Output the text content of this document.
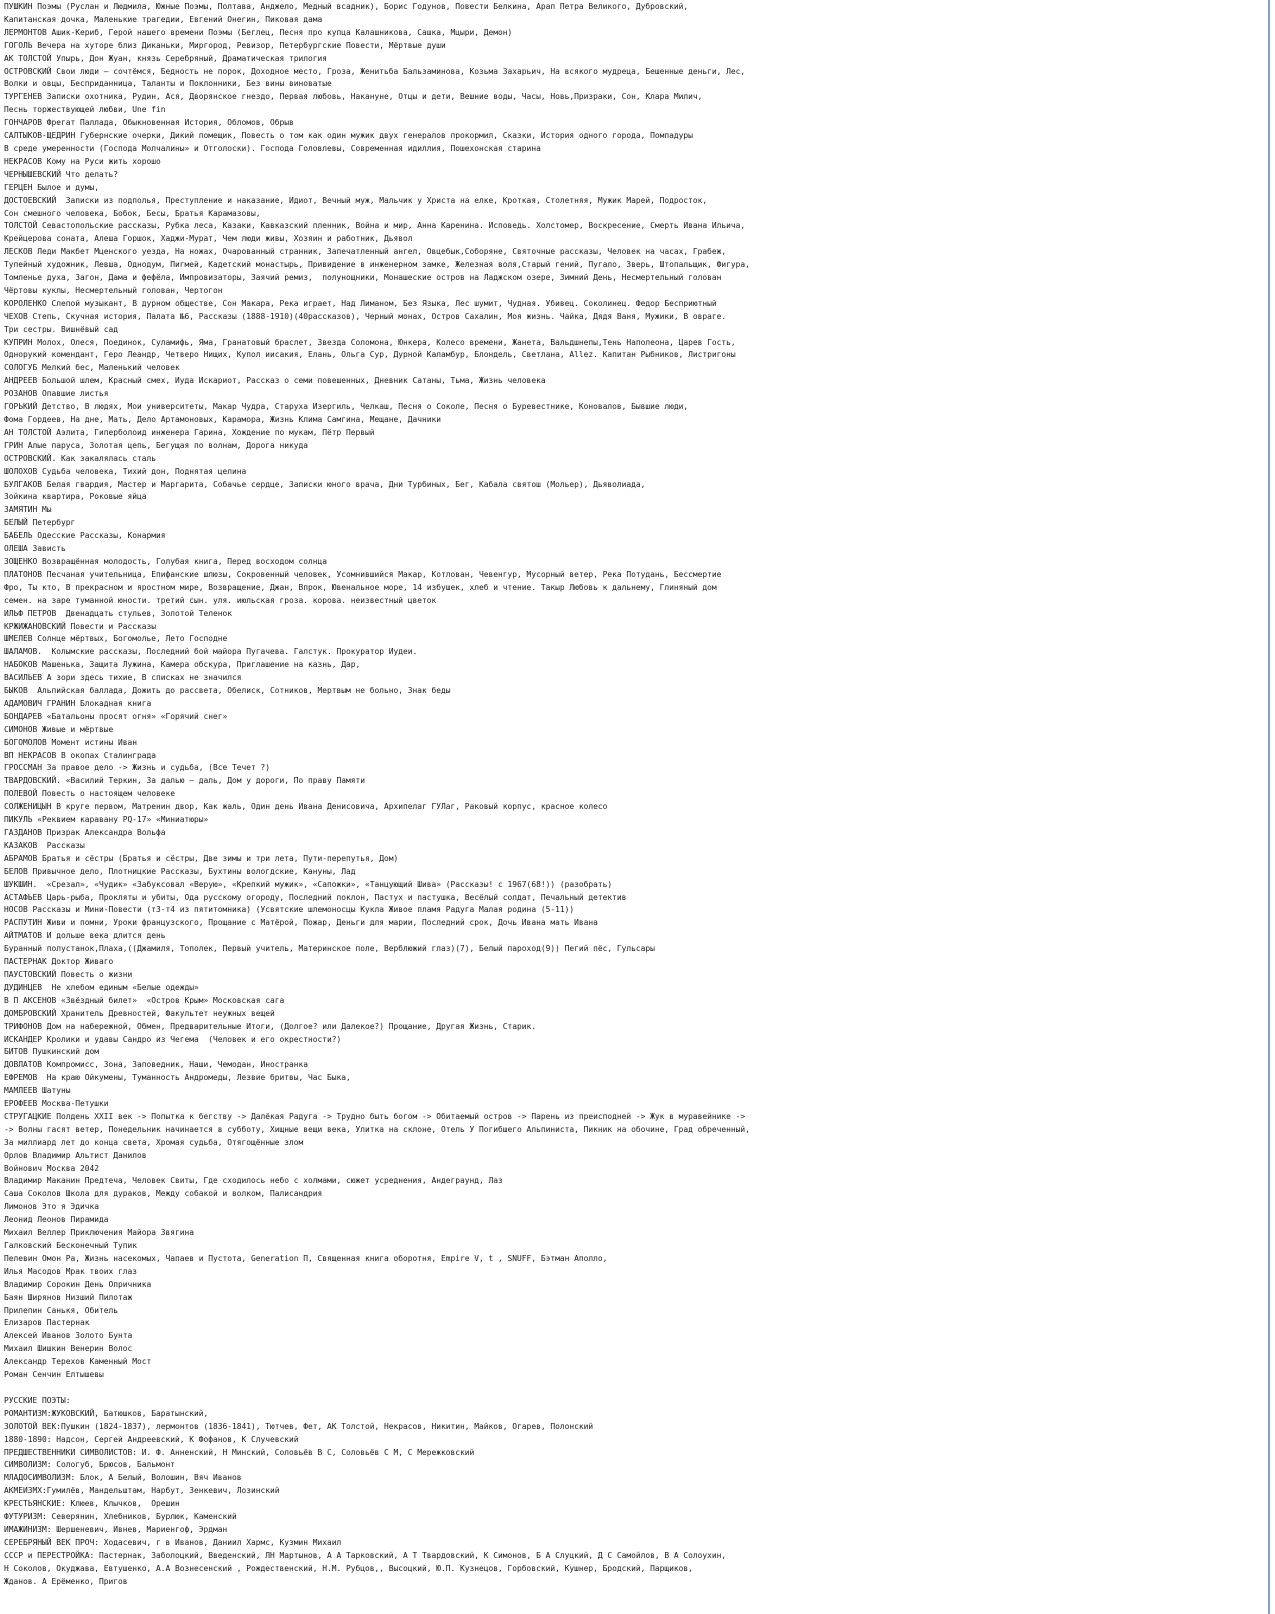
ПУШКИН Поэмы (Руслан и Людмила, Южные Поэмы, Полтава, Анджело, Медный всадник), Борис Годунов, Повести Белкина, Арап Петра Великого, Дубровский,
Капитанская дочка, Маленькие трагедии, Евгений Онегин, Пиковая дама
ЛЕРМОНТОВ Ашик-Кериб, Герой нашего времени Поэмы (Беглец, Песня про купца Калашникова, Сашка, Мцыри, Демон)
ГОГОЛЬ Вечера на хуторе близ Диканьки, Миргород, Ревизор, Петербургские Повести, Мёртвые души
АК ТОЛСТОЙ Упырь, Дон Жуан, князь Серебряный, Драматическая трилогия
ОСТРОВСКИЙ Свои люди – сочтёмся, Бедность не порок, Доходное место, Гроза, Женитьба Бальзаминова, Козьма Захарьич, На всякого мудреца, Бешенные деньги, Лес,
Волки и овцы, Бесприданница, Таланты и Поклонники, Без вины виноватые
ТУРГЕНЕВ Записки охотника, Рудин, Ася, Дворянское гнездо, Первая любовь, Накануне, Отцы и дети, Вешние воды, Часы, Новь,Призраки, Сон, Клара Милич,
Песнь торжествующей любви, Une fin
ГОНЧАРОВ Фрегат Паллада, Обыкновенная История, Обломов, Обрыв
САЛТЫКОВ-ЩЕДРИН Губернские очерки, Дикий помещик, Повесть о том как один мужик двух генералов прокормил, Сказки, История одного города, Помпадуры
В среде умеренности (Господа Молчалины» и Отголоски). Господа Головлевы, Современная идиллия, Пошехонская старина
НЕКРАСОВ Кому на Руси жить хорошо
ЧЕРНЫШЕВСКИЙ Что делать?
ГЕРЦЕН Былое и думы,
ДОСТОЕВСКИЙ  Записки из подполья, Преступление и наказание, Идиот, Вечный муж, Мальчик у Христа на елке, Кроткая, Столетняя, Мужик Марей, Подросток,
Сон смешного человека, Бобок, Бесы, Братья Карамазовы,
ТОЛСТОЙ Севастопольские рассказы, Рубка леса, Казаки, Кавказский пленник, Война и мир, Анна Каренина. Исповедь. Холстомер, Воскресение, Смерть Ивана Ильича,
Крейцерова соната, Алеша Горшок, Хаджи-Мурат, Чем люди живы, Хозяин и работник, Дьявол
ЛЕСКОВ Леди Макбет Мценского уезда, На ножах, Очарованный странник, Запечатленный ангел, Овцебык,Соборяне, Святочные рассказы, Человек на часах, Грабеж,
Тупейный художник, Левша, Однодум, Пигмей, Кадетский монастырь, Привидение в инженерном замке, Железная воля,Старый гений, Пугало, Зверь, Штопальщик, Фигура,
Томленье духа, Загон, Дама и фефёла, Импровизаторы, Заячий ремиз,  полунощники, Монашеские остров на Ладжском озере, Зимний День, Несмертельный голован
Чёртовы куклы, Несмертельный голован, Чертогон
КОРОЛЕНКО Слепой музыкант, В дурном обществе, Сон Макара, Река играет, Над Лиманом, Без Языка, Лес шумит, Чудная. Убивец. Соколинец. Федор Бесприютный
ЧЕХОВ Степь, Скучная история, Палата №6, Рассказы (1888-1910)(40рассказов), Черный монах, Остров Сахалин, Моя жизнь. Чайка, Дядя Ваня, Мужики, В овраге.
Три сестры. Вишнёвый сад
КУПРИН Молох, Олеся, Поединок, Суламифь, Яма, Гранатовый браслет, Звезда Соломона, Юнкера, Колесо времени, Жанета, Вальдшнепы,Тень Наполеона, Царев Гость,
Однорукий комендант, Геро Леандр, Четверо Нищих, Купол иисакия, Елань, Ольга Сур, Дурной Каламбур, Блондель, Светлана, Allez. Капитан Рыбников, Листригоны
СОЛОГУБ Мелкий бес, Маленький человек
АНДРЕЕВ Большой шлем, Красный смех, Иуда Искариот, Рассказ о семи повешенных, Дневник Сатаны, Тьма, Жизнь человека
РОЗАНОВ Опавшие листья
ГОРЬКИЙ Детство, В людях, Мои университеты, Макар Чудра, Старуха Изергиль, Челкаш, Песня о Соколе, Песня о Буревестнике, Коновалов, Бывшие люди,
Фома Гордеев, На дне, Мать, Дело Артамоновых, Карамора, Жизнь Клима Самгина, Мещане, Дачники
АН ТОЛСТОЙ Аэлита, Гиперболоид инженера Гарина, Хождение по мукам, Пётр Первый
ГРИН Алые паруса, Золотая цепь, Бегущая по волнам, Дорога никуда
ОСТРОВСКИЙ. Как закалялась сталь
ШОЛОХОВ Судьба человека, Тихий дон, Поднятая целина
БУЛГАКОВ Белая гвардия, Мастер и Маргарита, Собачье сердце, Записки юного врача, Дни Турбиных, Бег, Кабала святош (Мольер), Дьяволиада,
Зойкина квартира, Роковые яйца
ЗАМЯТИН Мы
БЕЛЫЙ Петербург
БАБЕЛЬ Одесские Рассказы, Конармия
ОЛЕША Зависть
ЗОЩЕНКО Возвращённая молодость, Голубая книга, Перед восходом солнца
ПЛАТОНОВ Песчаная учительница, Епифанские шлюзы, Сокровенный человек, Усомнившийся Макар, Котлован, Чевенгур, Мусорный ветер, Река Потудань, Бессмертие
Фро, Ты кто, В прекрасном и яростном мире, Возвращение, Джан, Впрок, Ювенальное море, 14 избушек, хлеб и чтение. Такыр Любовь к дальнему, Глиняный дом
семен. на заре туманной юности. третий сын. уля. июльская гроза. корова. неизвестный цветок
ИЛЬФ ПЕТРОВ  Двенадцать стульев, Золотой Теленок
КРЖИЖАНОВСКИЙ Повести и Рассказы
ШМЕЛЕВ Солнце мёртвых, Богомолье, Лето Господне
ШАЛАМОВ.  Колымские рассказы, Последний бой майора Пугачева. Галстук. Прокуратор Иудеи.
НАБОКОВ Машенька, Защита Лужина, Камера обскура, Приглашение на казнь, Дар,
ВАСИЛЬЕВ А зори здесь тихие, В списках не значился
БЫКОВ  Альпийская баллада, Дожить до рассвета, Обелиск, Сотников, Мертвым не больно, Знак беды
АДАМОВИЧ ГРАНИН Блокадная книга
БОНДАРЕВ «Батальоны просят огня» «Горячий снег»
СИМОНОВ Живые и мёртвые
БОГОМОЛОВ Момент истины Иван
ВП НЕКРАСОВ В окопах Сталинграда
ГРОССМАН За правое дело -> Жизнь и судьба, (Все Течет ?)
ТВАРДОВСКИЙ. «Василий Теркин, За далью – даль, Дом у дороги, По праву Памяти
ПОЛЕВОЙ Повесть о настоящем человеке
СОЛЖЕНИЦЫН В круге первом, Матренин двор, Как жаль, Один день Ивана Денисовича, Архипелаг ГУЛаг, Раковый корпус, красное колесо
ПИКУЛЬ «Реквием каравану PQ-17» «Миниатюры»
ГАЗДАНОВ Призрак Александра Вольфа
КАЗАКОВ  Рассказы
АБРАМОВ Братья и сёстры (Братья и сёстры, Две зимы и три лета, Пути-перепутья, Дом)
БЕЛОВ Привычное дело, Плотницкие Рассказы, Бухтины вологдские, Кануны, Лад
ШУКШИН.  «Срезал», «Чудик» «Забуксовал «Верую», «Крепкий мужик», «Сапожки», «Танцующий Шива» (Рассказы! с 1967(68!)) (разобрать)
АСТАФЬЕВ Царь-рыба, Прокляты и убиты, Ода русскому огороду, Последний поклон, Пастух и пастушка, Весёлый солдат, Печальный детектив
НОСОВ Рассказы и Мини-Повести (т3-т4 из пятитомника) (Усвятские шлемоносцы Кукла Живое пламя Радуга Малая родина (5-11))
РАСПУТИН Живи и помни, Уроки французского, Прощание с Матёрой, Пожар, Деньги для марии, Последний срок, Дочь Ивана мать Ивана
АЙТМАТОВ И дольше века длится день
Буранный полустанок,Плаха,((Джамиля, Тополек, Первый учитель, Материнское поле, Верблюжий глаз)(7), Белый пароход(9)) Пегий пёс, Гульсары
ПАСТЕРНАК Доктор Живаго
ПАУСТОВСКИЙ Повесть о жизни
ДУДИНЦЕВ  Не хлебом единым «Белые одежды»
В П АКСЕНОВ «Звёздный билет»  «Остров Крым» Московская сага
ДОМБРОВСКИЙ Хранитель Древностей, Факультет неужных вещей
ТРИФОНОВ Дом на набережной, Обмен, Предварительные Итоги, (Долгое? или Далекое?) Прощание, Другая Жизнь, Старик.
ИСКАНДЕР Кролики и удавы Сандро из Чегема  (Человек и его окрестности?)
БИТОВ Пушкинский дом
ДОВЛАТОВ Компромисс, Зона, Заповедник, Наши, Чемодан, Иностранка
ЕФРЕМОВ  На краю Ойкумены, Туманность Андромеды, Лезвие бритвы, Час Быка,
МАМЛЕЕВ Шатуны
ЕРОФЕЕВ Москва-Петушки
СТРУГАЦКИЕ Полдень XXII век -> Попытка к бегству -> Далёкая Радуга -> Трудно быть богом -> Обитаемый остров -> Парень из преисподней -> Жук в муравейнике ->
-> Волны гасят ветер, Понедельник начинается в субботу, Хищные вещи века, Улитка на склоне, Отель У Погибшего Альпиниста, Пикник на обочине, Град обреченный,
За миллиард лет до конца света, Хромая судьба, Отягощённые злом
Орлов Владимир Альтист Данилов
Войнович Москва 2042
Владимир Маканин Предтеча, Человек Свиты, Где сходилось небо с холмами, сюжет усреднения, Андеграунд, Лаз
Саша Соколов Школа для дураков, Между собакой и волком, Палисандрия
Лимонов Это я Эдичка
Леонид Леонов Пирамида
Михаил Веллер Приключения Майора Звягина
Галковский Бесконечный Тупик
Пелевин Омон Ра, Жизнь насекомых, Чапаев и Пустота, Generation П, Священная книга оборотня, Empire V, t , SNUFF, Бэтман Аполло,
Илья Масодов Мрак твоих глаз
Владимир Сорокин День Опричника
Баян Ширянов Низший Пилотаж
Прилепин Санькя, Обитель
Елизаров Пастернак
Алексей Иванов Золото Бунта
Михаил Шишкин Венерин Волос
Александр Терехов Каменный Мост
Роман Сенчин Елтышевы
РУССКИЕ ПОЭТЫ:
РОМАНТИЗМ:ЖУКОВСКИЙ, Батюшков, Баратынский,
ЗОЛОТОЙ ВЕК:Пушкин (1824-1837), лермонтов (1836-1841), Тютчев, Фет, АК Толстой, Некрасов, Никитин, Майков, Огарев, Полонский
1880-1890: Надсон, Сергей Андреевский, К Фофанов, К Случевский
ПРЕДШЕСТВЕННИКИ СИМВОЛИСТОВ: И. Ф. Анненский, Н Минский, Соловьёв В С, Соловьёв С М, С Мережковский
СИМВОЛИЗМ: Сологуб, Брюсов, Бальмонт
МЛАДОСИМВОЛИЗМ: Блок, А Белый, Волошин, Вяч Иванов
АКМЕИЗМХ:Гумилёв, Мандельштам, Нарбут, Зенкевич, Лозинский
КРЕСТЬЯНСКИЕ: Клюев, Клычков,  Орешин
ФУТУРИЗМ: Северянин, Хлебников, Бурлюк, Каменский
ИМАЖИНИЗМ: Шершеневич, Ивнев, Мариенгоф, Эрдман
СЕРЕБРЯНЫЙ ВЕК ПРОЧ: Ходасевич, г в Иванов, Даниил Хармс, Кузмин Михаил
СССР и ПЕРЕСТРОЙКА: Пастернак, Заболоцкий, Введенский, ЛН Мартынов, А А Тарковский, А Т Твардовский, К Симонов, Б А Слуцкий, Д С Самойлов, В А Солоухин,
Н Соколов, Окуджава, Евтушенко, А.А Вознесенский , Рождественский, Н.М. Рубцов,, Высоцкий, Ю.П. Кузнецов, Горбовский, Кушнер, Бродский, Парщиков,
Жданов. А Ерёменко, Пригов
